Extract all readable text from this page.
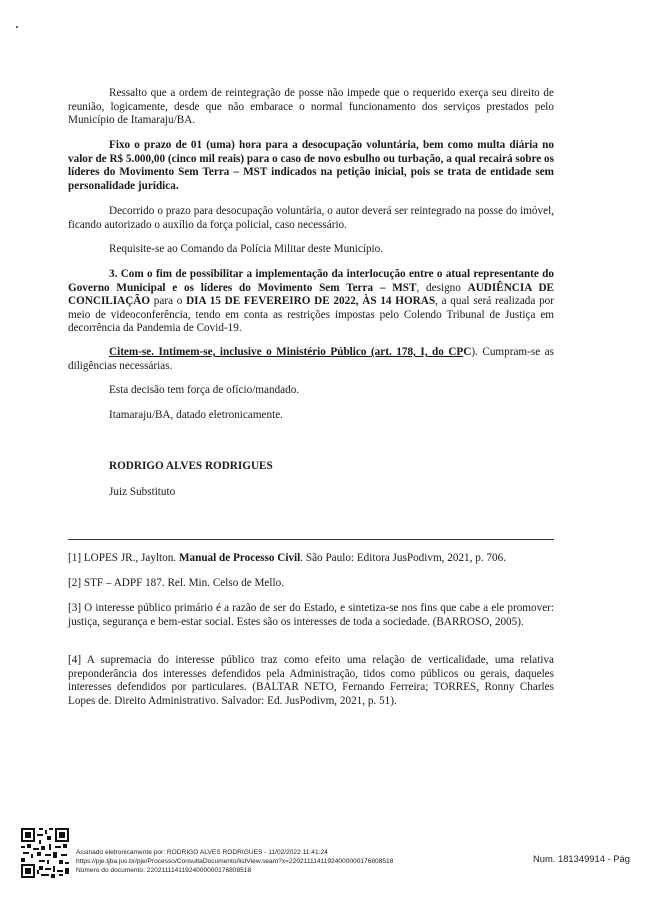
Ressalto que a ordem de reintegração de posse não impede que o requerido exerça seu direito de reunião, logicamente, desde que não embarace o normal funcionamento dos serviços prestados pelo Município de Itamaraju/BA.

Fixo o prazo de 01 (uma) hora para a desocupação voluntária, bem como multa diária no valor de R$ 5.000,00 (cinco mil reais) para o caso de novo esbulho ou turbação, a qual recairá sobre os líderes do Movimento Sem Terra – MST indicados na petição inicial, pois se trata de entidade sem personalidade jurídica.

Decorrido o prazo para desocupação voluntária, o autor deverá ser reintegrado na posse do imóvel, ficando autorizado o auxílio da força policial, caso necessário.

Requisite-se ao Comando da Polícia Militar deste Município.

3. Com o fim de possibilitar a implementação da interlocução entre o atual representante do Governo Municipal e os líderes do Movimento Sem Terra – MST, designo AUDIÊNCIA DE CONCILIAÇÃO para o DIA 15 DE FEVEREIRO DE 2022, ÀS 14 HORAS, a qual será realizada por meio de videoconferência, tendo em conta as restrições impostas pelo Colendo Tribunal de Justiça em decorrência da Pandemia de Covid-19.

Citem-se. Intimem-se, inclusive o Ministério Público (art. 178, I, do CPC). Cumpram-se as diligências necessárias.

Esta decisão tem força de ofício/mandado.

Itamaraju/BA, datado eletronicamente.

RODRIGO ALVES RODRIGUES
Juiz Substituto

[1] LOPES JR., Jaylton. Manual de Processo Civil. São Paulo: Editora JusPodivm, 2021, p. 706.

[2] STF – ADPF 187. Rel. Min. Celso de Mello.

[3] O interesse público primário é a razão de ser do Estado, e sintetiza-se nos fins que cabe a ele promover: justiça, segurança e bem-estar social. Estes são os interesses de toda a sociedade. (BARROSO, 2005).

[4] A supremacia do interesse público traz como efeito uma relação de verticalidade, uma relativa preponderância dos interesses defendidos pela Administração, tidos como públicos ou gerais, daqueles interesses defendidos por particulares. (BALTAR NETO, Fernando Ferreira; TORRES, Ronny Charles Lopes de. Direito Administrativo. Salvador: Ed. JusPodivm, 2021, p. 51).

Assinado eletronicamente por: RODRIGO ALVES RODRIGUES - 11/02/2022 11:41:24
https://pje.tjba.jus.br/pje/Processo/ConsultaDocumento/listView.seam?x=22021111411924000000176808518
Número do documento: 22021111411924000000176808518
Num. 181349914 - Pág
